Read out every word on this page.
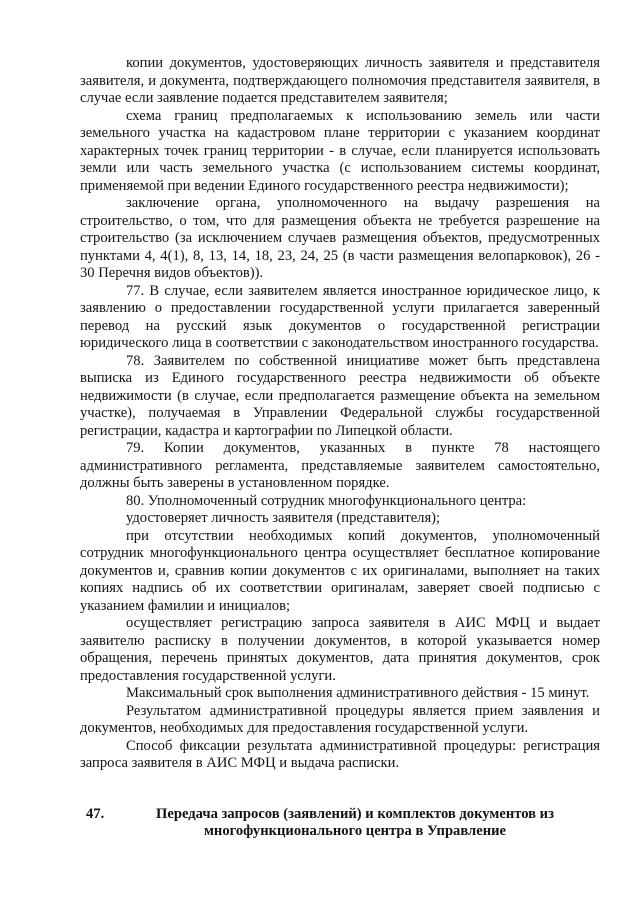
копии документов, удостоверяющих личность заявителя и представителя заявителя, и документа, подтверждающего полномочия представителя заявителя, в случае если заявление подается представителем заявителя;

схема границ предполагаемых к использованию земель или части земельного участка на кадастровом плане территории с указанием координат характерных точек границ территории - в случае, если планируется использовать земли или часть земельного участка (с использованием системы координат, применяемой при ведении Единого государственного реестра недвижимости);

заключение органа, уполномоченного на выдачу разрешения на строительство, о том, что для размещения объекта не требуется разрешение на строительство (за исключением случаев размещения объектов, предусмотренных пунктами 4, 4(1), 8, 13, 14, 18, 23, 24, 25 (в части размещения велопарковок), 26 - 30 Перечня видов объектов)).

77. В случае, если заявителем является иностранное юридическое лицо, к заявлению о предоставлении государственной услуги прилагается заверенный перевод на русский язык документов о государственной регистрации юридического лица в соответствии с законодательством иностранного государства.

78. Заявителем по собственной инициативе может быть представлена выписка из Единого государственного реестра недвижимости об объекте недвижимости (в случае, если предполагается размещение объекта на земельном участке), получаемая в Управлении Федеральной службы государственной регистрации, кадастра и картографии по Липецкой области.

79. Копии документов, указанных в пункте 78 настоящего административного регламента, представляемые заявителем самостоятельно, должны быть заверены в установленном порядке.

80. Уполномоченный сотрудник многофункционального центра:

удостоверяет личность заявителя (представителя);

при отсутствии необходимых копий документов, уполномоченный сотрудник многофункционального центра осуществляет бесплатное копирование документов и, сравнив копии документов с их оригиналами, выполняет на таких копиях надпись об их соответствии оригиналам, заверяет своей подписью с указанием фамилии и инициалов;

осуществляет регистрацию запроса заявителя в АИС МФЦ и выдает заявителю расписку в получении документов, в которой указывается номер обращения, перечень принятых документов, дата принятия документов, срок предоставления государственной услуги.

Максимальный срок выполнения административного действия - 15 минут.

Результатом административной процедуры является прием заявления и документов, необходимых для предоставления государственной услуги.

Способ фиксации результата административной процедуры: регистрация запроса заявителя в АИС МФЦ и выдача расписки.

47.	Передача запросов (заявлений) и комплектов документов из многофункционального центра в Управление
